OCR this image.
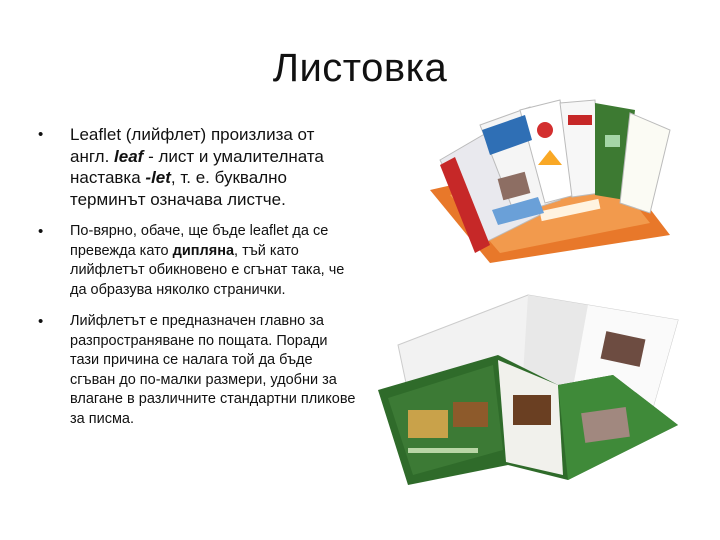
Листовка
• Leaflet (лийфлет) произлиза от англ. leaf - лист и умалителната наставка -let, т. е. буквално терминът означава листче.
• По-вярно, обаче, ще бъде leaflet да се превежда като дипляна, тъй като лийфлетът обикновено е сгънат така, че да образува няколко странички.
• Лийфлетът е предназначен главно за разпространяване по пощата. Поради тази причина се налага той да бъде сгъван до по-малки размери, удобни за влагане в различните стандартни пликове за писма.
